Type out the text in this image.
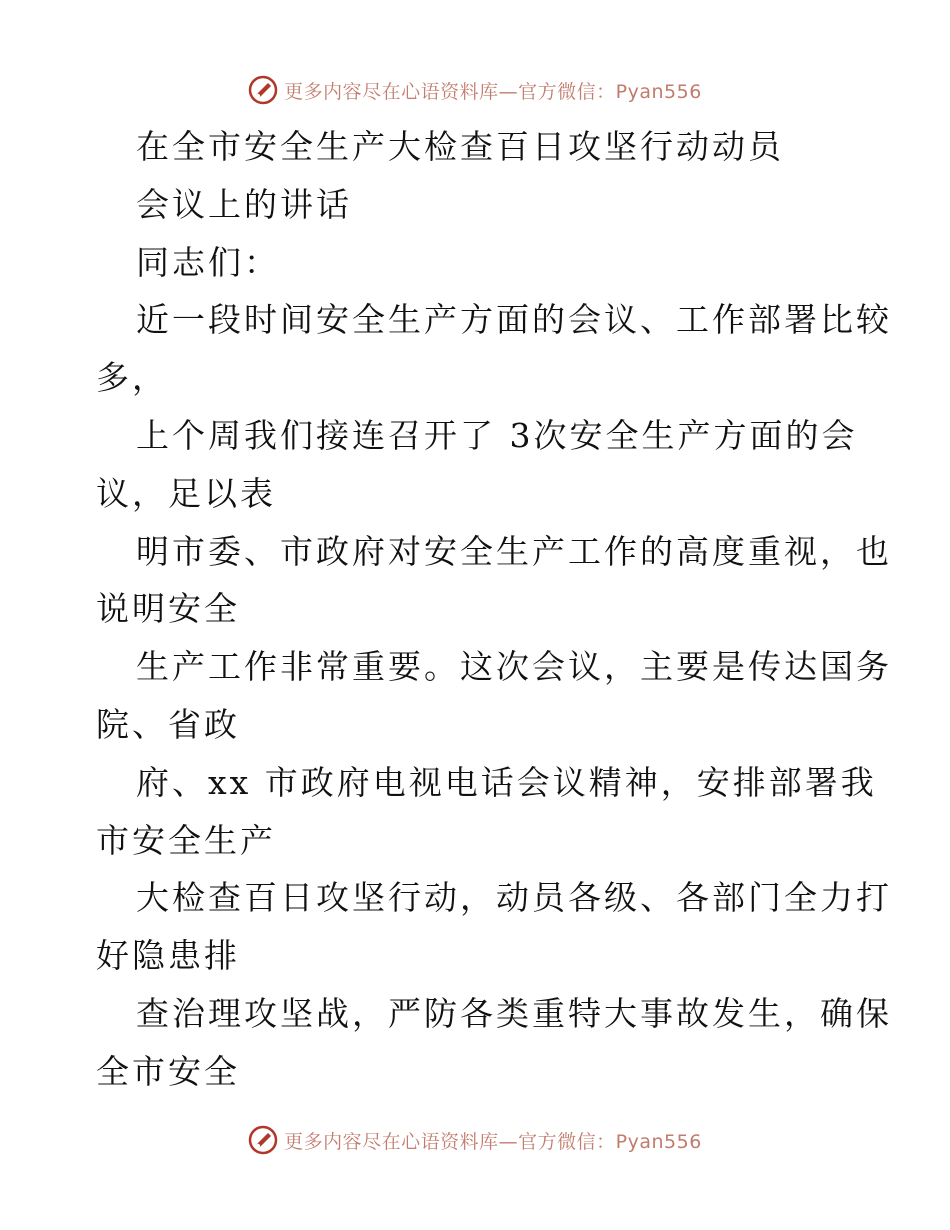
更多内容尽在心语资料库—官方微信：Pyan556
在全市安全生产大检查百日攻坚行动动员
会议上的讲话
同志们：
近一段时间安全生产方面的会议、工作部署比较
多，
上个周我们接连召开了 3次安全生产方面的会
议，足以表
明市委、市政府对安全生产工作的高度重视，也
说明安全
生产工作非常重要。这次会议，主要是传达国务
院、省政
府、xx 市政府电视电话会议精神，安排部署我
市安全生产
大检查百日攻坚行动，动员各级、各部门全力打
好隐患排
查治理攻坚战，严防各类重特大事故发生，确保
全市安全
更多内容尽在心语资料库—官方微信：Pyan556
